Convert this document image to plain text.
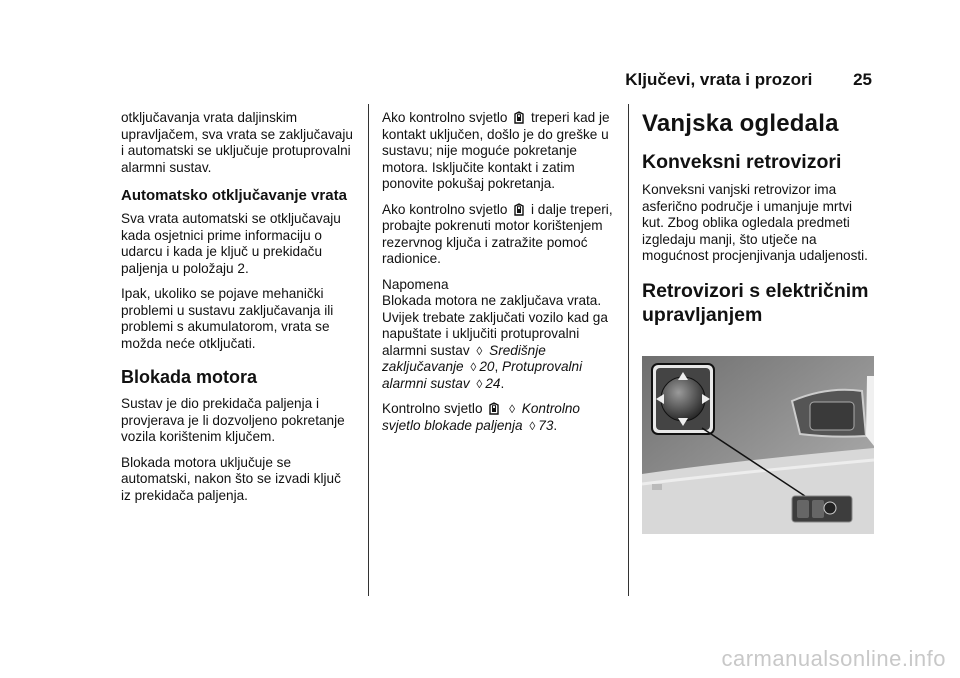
Ključevi, vrata i prozori 25

otključavanja vrata daljinskim upravljačem, sva vrata se zaključavaju i automatski se uključuje protuprovalni alarmni sustav.

Automatsko otključavanje vrata

Sva vrata automatski se otključavaju kada osjetnici prime informaciju o udarcu i kada je ključ u prekidaču paljenja u položaju 2.

Ipak, ukoliko se pojave mehanički problemi u sustavu zaključavanja ili problemi s akumulatorom, vrata se možda neće otključati.

Blokada motora

Sustav je dio prekidača paljenja i provjerava je li dozvoljeno pokretanje vozila korištenim ključem.

Blokada motora uključuje se automatski, nakon što se izvadi ključ iz prekidača paljenja.

Ako kontrolno svjetlo treperi kad je kontakt uključen, došlo je do greške u sustavu; nije moguće pokretanje motora. Isključite kontakt i zatim ponovite pokušaj pokretanja.

Ako kontrolno svjetlo i dalje treperi, probajte pokrenuti motor korištenjem rezervnog ključa i zatražite pomoć radionice.

Napomena

Blokada motora ne zaključava vrata. Uvijek trebate zaključati vozilo kad ga napuštate i uključiti protuprovalni alarmni sustav ◊ Središnje zaključavanje ◊ 20, Protuprovalni alarmni sustav ◊ 24.

Kontrolno svjetlo ◊ Kontrolno svjetlo blokade paljenja ◊ 73.

Vanjska ogledala
Konveksni retrovizori

Konveksni vanjski retrovizor ima asferično područje i umanjuje mrtvi kut. Zbog oblika ogledala predmeti izgledaju manji, što utječe na mogućnost procjenjivanja udaljenosti.

Retrovizori s električnim upravljanjem
carmanualsonline.info
